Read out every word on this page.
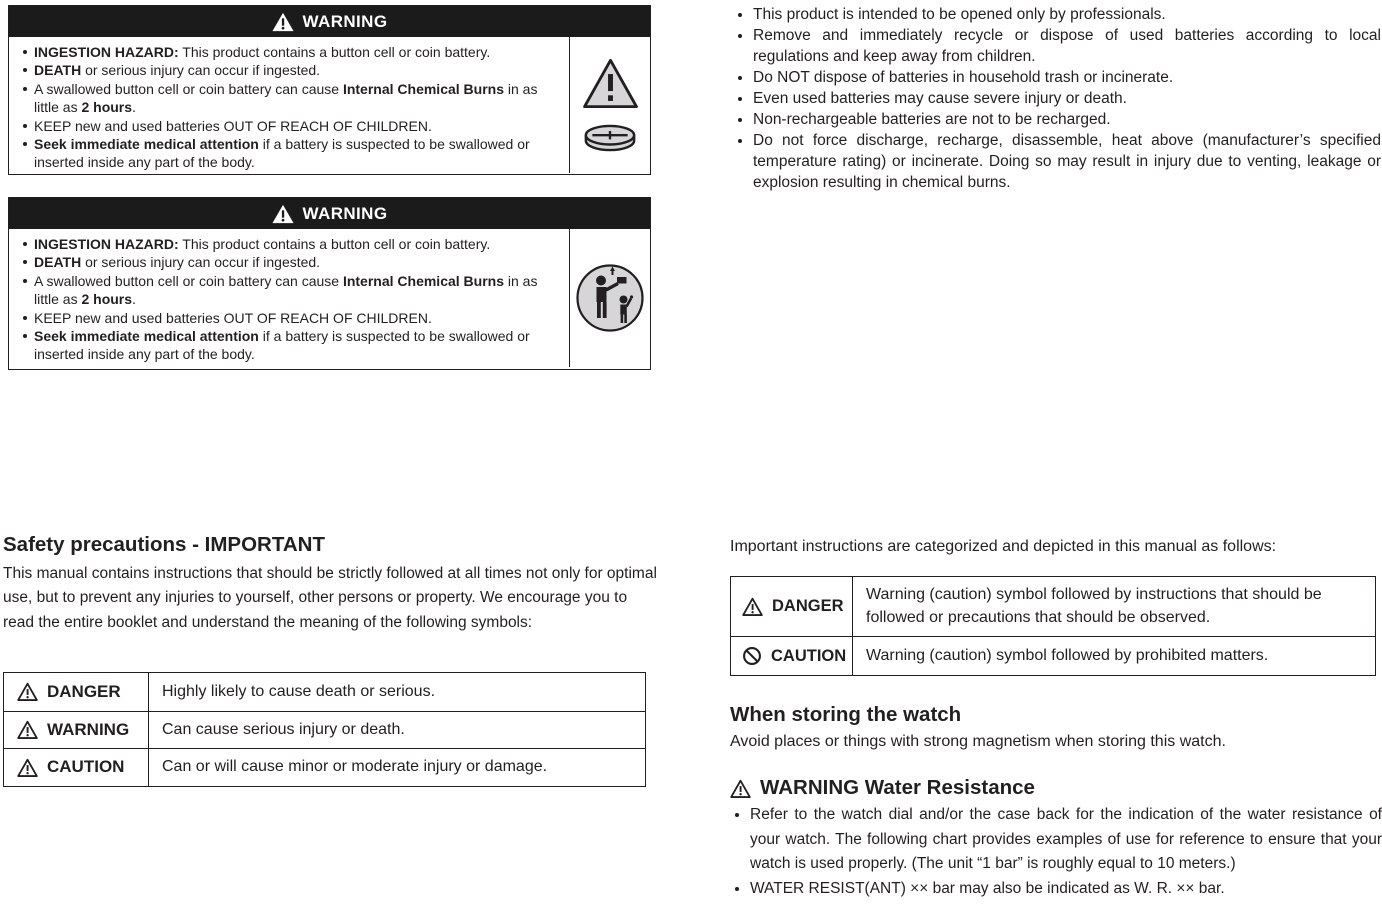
WARNING
INGESTION HAZARD: This product contains a button cell or coin battery.
DEATH or serious injury can occur if ingested.
A swallowed button cell or coin battery can cause Internal Chemical Burns in as little as 2 hours.
KEEP new and used batteries OUT OF REACH OF CHILDREN.
Seek immediate medical attention if a battery is suspected to be swallowed or inserted inside any part of the body.
WARNING
INGESTION HAZARD: This product contains a button cell or coin battery.
DEATH or serious injury can occur if ingested.
A swallowed button cell or coin battery can cause Internal Chemical Burns in as little as 2 hours.
KEEP new and used batteries OUT OF REACH OF CHILDREN.
Seek immediate medical attention if a battery is suspected to be swallowed or inserted inside any part of the body.
This product is intended to be opened only by professionals.
Remove and immediately recycle or dispose of used batteries according to local regulations and keep away from children.
Do NOT dispose of batteries in household trash or incinerate.
Even used batteries may cause severe injury or death.
Non-rechargeable batteries are not to be recharged.
Do not force discharge, recharge, disassemble, heat above (manufacturer’s specified temperature rating) or incinerate. Doing so may result in injury due to venting, leakage or explosion resulting in chemical burns.
Safety precautions - IMPORTANT
This manual contains instructions that should be strictly followed at all times not only for optimal use, but to prevent any injuries to yourself, other persons or property. We encourage you to read the entire booklet and understand the meaning of the following symbols:
DANGER	Highly likely to cause death or serious.
WARNING Can cause serious injury or death.
CAUTION Can or will cause minor or moderate injury or damage.
Important instructions are categorized and depicted in this manual as follows:
DANGER
Warning (caution) symbol followed by instructions that should be followed or precautions that should be observed.
CAUTION Warning (caution) symbol followed by prohibited matters.
When storing the watch
Avoid places or things with strong magnetism when storing this watch.
WARNING Water Resistance
Refer to the watch dial and/or the case back for the indication of the water resistance of your watch. The following chart provides examples of use for reference to ensure that your watch is used properly. (The unit “1 bar” is roughly equal to 10 meters.)
WATER RESIST(ANT) ×× bar may also be indicated as W. R. ×× bar.
